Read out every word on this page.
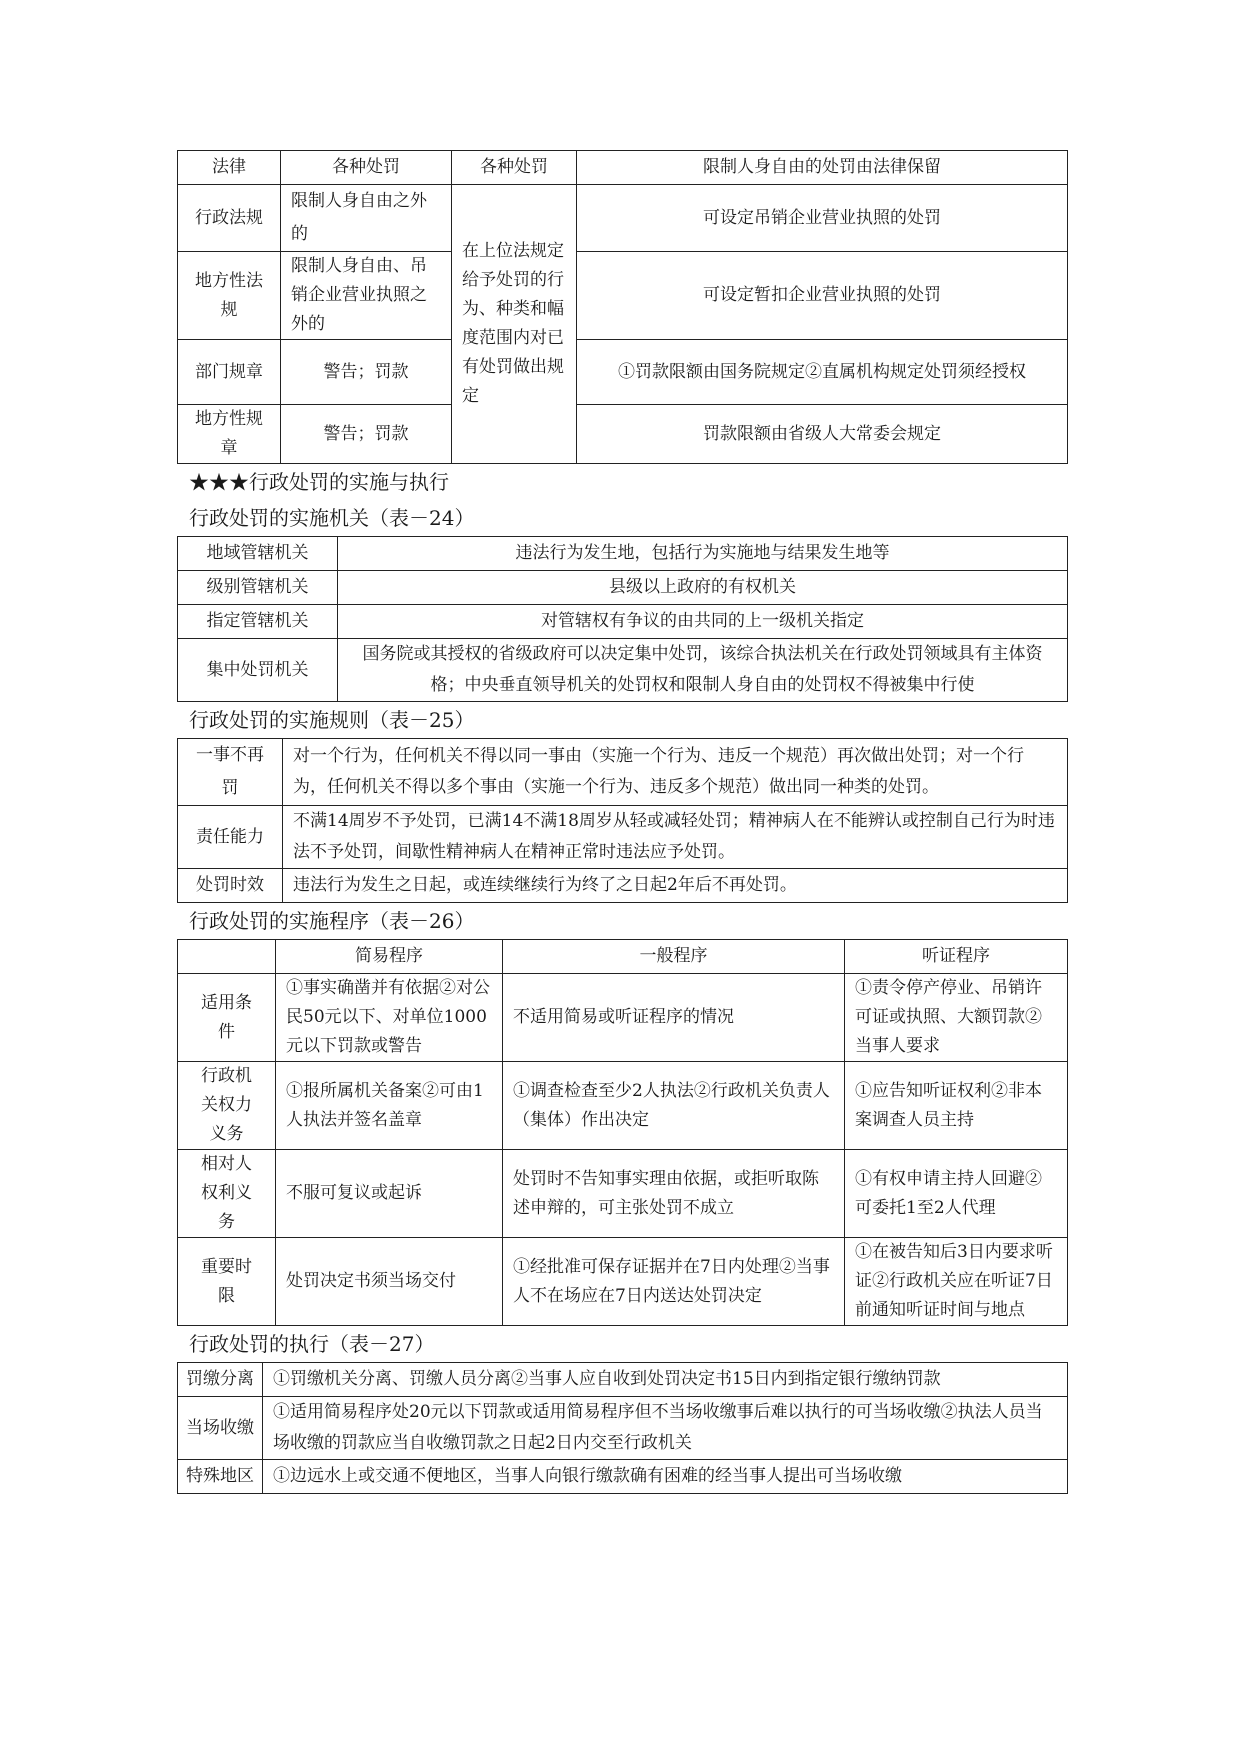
法律	各种处罚	各种处罚	限制人身自由的处罚由法律保留
行政法规	限制人身自由之外的	在上位法规定给予处罚的行为、种类和幅度范围内对已有处罚做出规定	可设定吊销企业营业执照的处罚
地方性法规	限制人身自由、吊销企业营业执照之外的		可设定暂扣企业营业执照的处罚
部门规章	警告；罚款		①罚款限额由国务院规定②直属机构规定处罚须经授权
地方性规章	警告；罚款		罚款限额由省级人大常委会规定

★★★行政处罚的实施与执行

行政处罚的实施机关（表－24）

地域管辖机关	违法行为发生地，包括行为实施地与结果发生地等
级别管辖机关	县级以上政府的有权机关
指定管辖机关	对管辖权有争议的由共同的上一级机关指定
集中处罚机关	国务院或其授权的省级政府可以决定集中处罚，该综合执法机关在行政处罚领域具有主体资格；中央垂直领导机关的处罚权和限制人身自由的处罚权不得被集中行使

行政处罚的实施规则（表－25）

一事不再罚	对一个行为，任何机关不得以同一事由（实施一个行为、违反一个规范）再次做出处罚；对一个行为，任何机关不得以多个事由（实施一个行为、违反多个规范）做出同一种类的处罚。
责任能力	不满14周岁不予处罚，已满14不满18周岁从轻或减轻处罚；精神病人在不能辨认或控制自己行为时违法不予处罚，间歇性精神病人在精神正常时违法应予处罚。
处罚时效	违法行为发生之日起，或连续继续行为终了之日起2年后不再处罚。

行政处罚的实施程序（表－26）

	简易程序	一般程序	听证程序
适用条件	①事实确凿并有依据②对公民50元以下、对单位1000元以下罚款或警告	不适用简易或听证程序的情况	①责令停产停业、吊销许可证或执照、大额罚款②当事人要求
行政机关权力义务	①报所属机关备案②可由1人执法并签名盖章	①调查检查至少2人执法②行政机关负责人（集体）作出决定	①应告知听证权利②非本案调查人员主持
相对人权利义务	不服可复议或起诉	处罚时不告知事实理由依据，或拒听取陈述申辩的，可主张处罚不成立	①有权申请主持人回避②可委托1至2人代理
重要时限	处罚决定书须当场交付	①经批准可保存证据并在7日内处理②当事人不在场应在7日内送达处罚决定	①在被告知后3日内要求听证②行政机关应在听证7日前通知听证时间与地点

行政处罚的执行（表－27）

罚缴分离	①罚缴机关分离、罚缴人员分离②当事人应自收到处罚决定书15日内到指定银行缴纳罚款
当场收缴	①适用简易程序处20元以下罚款或适用简易程序但不当场收缴事后难以执行的可当场收缴②执法人员当场收缴的罚款应当自收缴罚款之日起2日内交至行政机关
特殊地区	①边远水上或交通不便地区，当事人向银行缴款确有困难的经当事人提出可当场收缴
